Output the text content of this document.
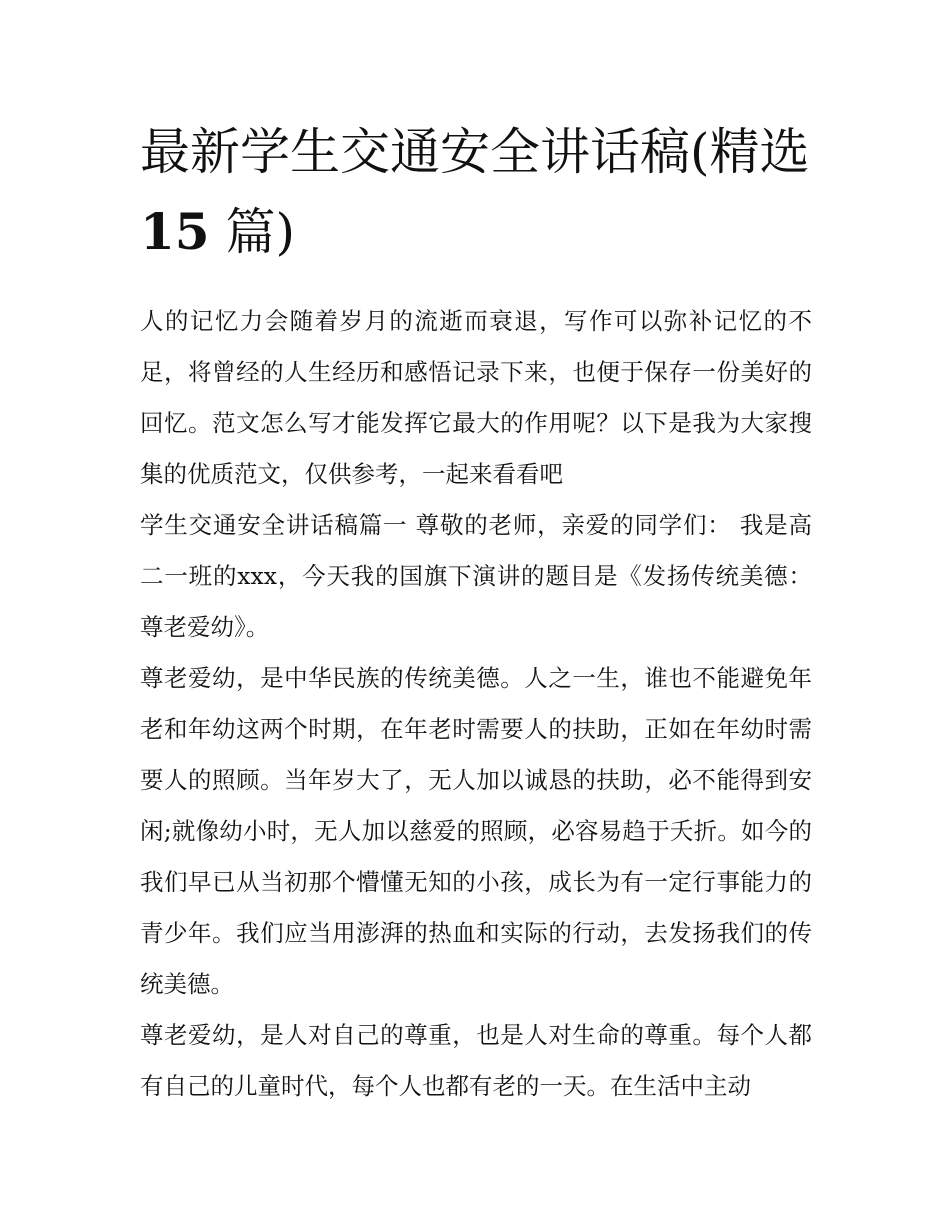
最新学生交通安全讲话稿(精选
15 篇)

人的记忆力会随着岁月的流逝而衰退，写作可以弥补记忆的不足，将曾经的人生经历和感悟记录下来，也便于保存一份美好的回忆。范文怎么写才能发挥它最大的作用呢？以下是我为大家搜集的优质范文，仅供参考，一起来看看吧

学生交通安全讲话稿篇一 尊敬的老师，亲爱的同学们： 我是高二一班的xxx，今天我的国旗下演讲的题目是《发扬传统美德：尊老爱幼》。

尊老爱幼，是中华民族的传统美德。人之一生，谁也不能避免年老和年幼这两个时期，在年老时需要人的扶助，正如在年幼时需要人的照顾。当年岁大了，无人加以诚恳的扶助，必不能得到安闲;就像幼小时，无人加以慈爱的照顾，必容易趋于夭折。如今的我们早已从当初那个懵懂无知的小孩，成长为有一定行事能力的青少年。我们应当用澎湃的热血和实际的行动，去发扬我们的传统美德。

尊老爱幼，是人对自己的尊重，也是人对生命的尊重。每个人都有自己的儿童时代，每个人也都有老的一天。在生活中主动
